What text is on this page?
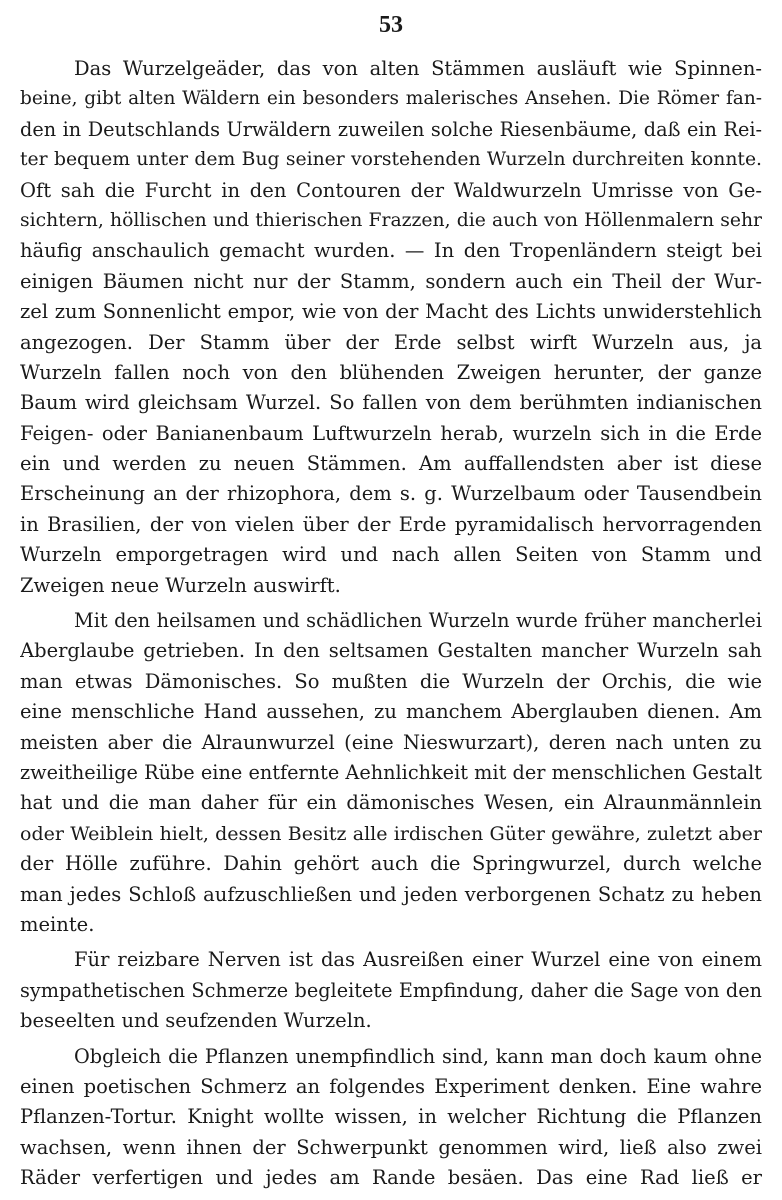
53
Das Wurzelgeäder, das von alten Stämmen ausläuft wie Spinnen-
beine, gibt alten Wäldern ein besonders malerisches Ansehen. Die Römer fan-
den in Deutschlands Urwäldern zuweilen solche Riesenbäume, daß ein Rei-
ter bequem unter dem Bug seiner vorstehenden Wurzeln durchreiten konnte.
Oft sah die Furcht in den Contouren der Waldwurzeln Umrisse von Ge-
sichtern, höllischen und thierischen Frazzen, die auch von Höllenmalern sehr
häufig anschaulich gemacht wurden. — In den Tropenländern steigt bei
einigen Bäumen nicht nur der Stamm, sondern auch ein Theil der Wur-
zel zum Sonnenlicht empor, wie von der Macht des Lichts unwiderstehlich
angezogen. Der Stamm über der Erde selbst wirft Wurzeln aus, ja
Wurzeln fallen noch von den blühenden Zweigen herunter, der ganze
Baum wird gleichsam Wurzel. So fallen von dem berühmten indianischen
Feigen- oder Banianenbaum Luftwurzeln herab, wurzeln sich in die Erde
ein und werden zu neuen Stämmen. Am auffallendsten aber ist diese
Erscheinung an der rhizophora, dem s. g. Wurzelbaum oder Tausendbein
in Brasilien, der von vielen über der Erde pyramidalisch hervorragenden
Wurzeln emporgetragen wird und nach allen Seiten von Stamm und
Zweigen neue Wurzeln auswirft.
Mit den heilsamen und schädlichen Wurzeln wurde früher mancherlei
Aberglaube getrieben. In den seltsamen Gestalten mancher Wurzeln sah
man etwas Dämonisches. So mußten die Wurzeln der Orchis, die wie
eine menschliche Hand aussehen, zu manchem Aberglauben dienen. Am
meisten aber die Alraunwurzel (eine Nieswurzart), deren nach unten zu
zweitheilige Rübe eine entfernte Aehnlichkeit mit der menschlichen Gestalt
hat und die man daher für ein dämonisches Wesen, ein Alraunmännlein
oder Weiblein hielt, dessen Besitz alle irdischen Güter gewähre, zuletzt aber
der Hölle zuführe. Dahin gehört auch die Springwurzel, durch welche
man jedes Schloß aufzuschließen und jeden verborgenen Schatz zu heben
meinte.
Für reizbare Nerven ist das Ausreißen einer Wurzel eine von einem
sympathetischen Schmerze begleitete Empfindung, daher die Sage von den
beseelten und seufzenden Wurzeln.
Obgleich die Pflanzen unempfindlich sind, kann man doch kaum ohne
einen poetischen Schmerz an folgendes Experiment denken. Eine wahre
Pflanzen-Tortur. Knight wollte wissen, in welcher Richtung die Pflanzen
wachsen, wenn ihnen der Schwerpunkt genommen wird, ließ also zwei
Räder verfertigen und jedes am Rande besäen. Das eine Rad ließ er
